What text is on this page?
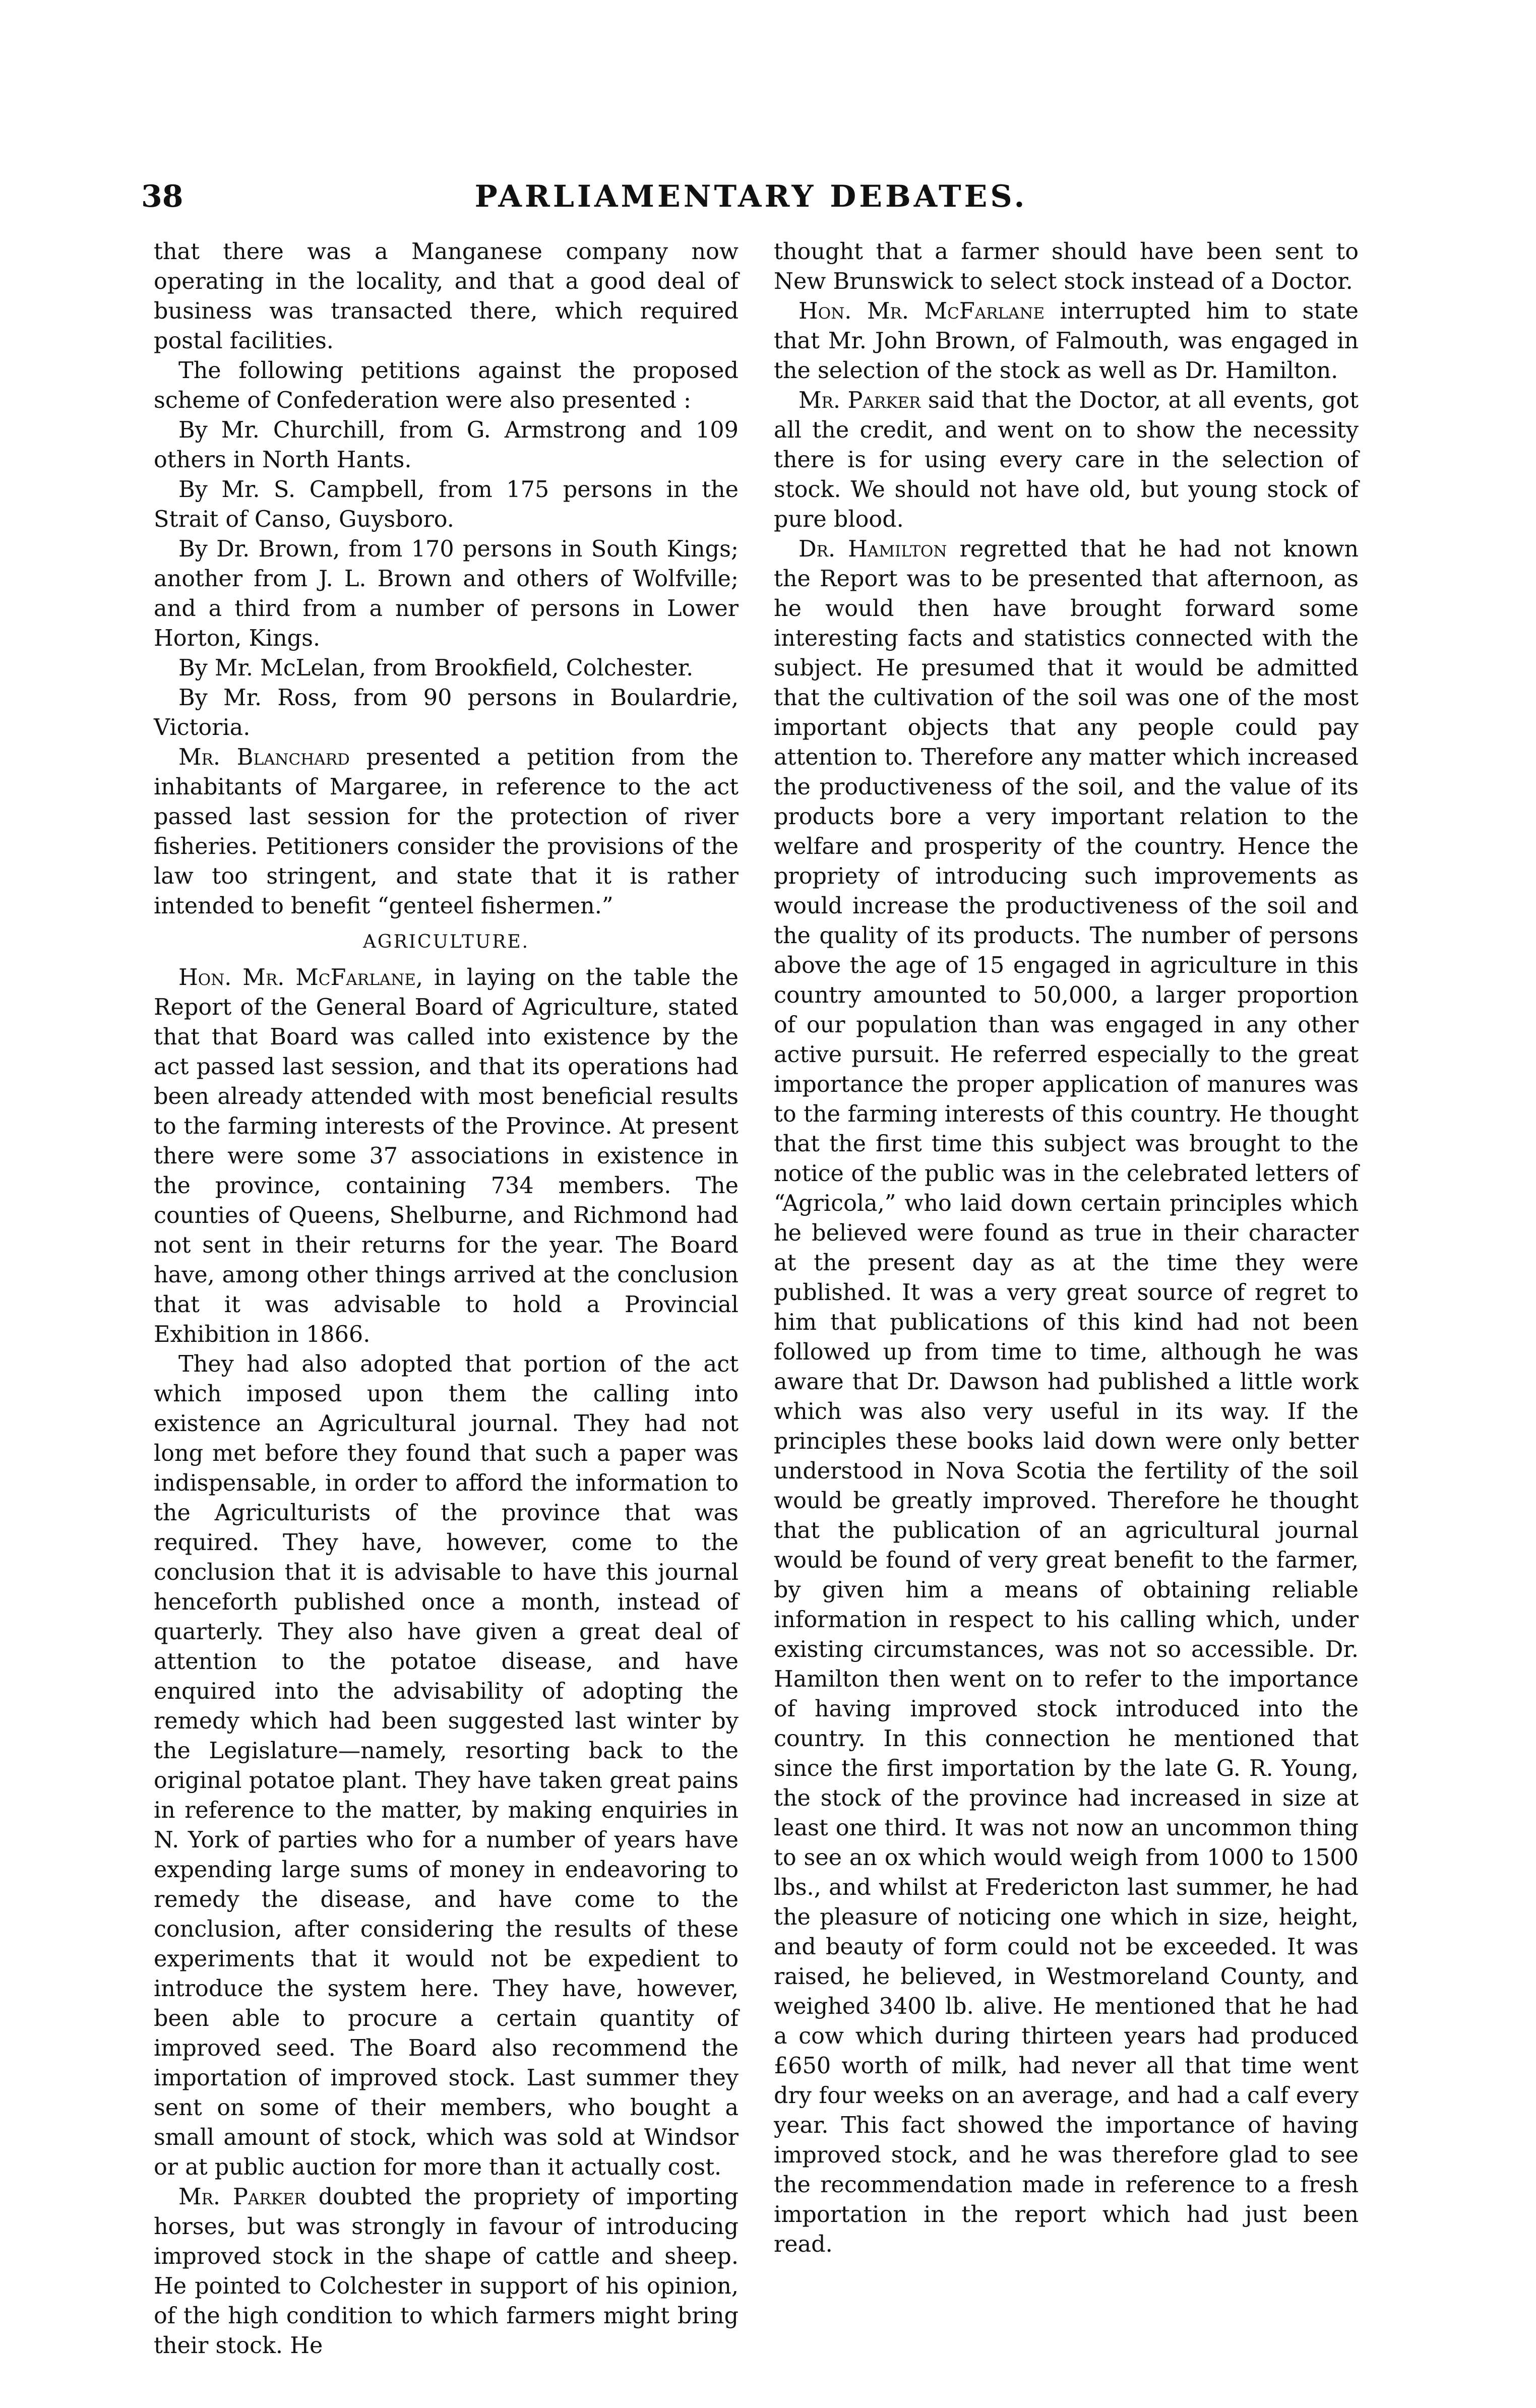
38	PARLIAMENTARY DEBATES.

that there was a Manganese company now operating in the locality, and that a good deal of business was transacted there, which required postal facilities.

The following petitions against the proposed scheme of Confederation were also presented :

By Mr. Churchill, from G. Armstrong and 109 others in North Hants.

By Mr. S. Campbell, from 175 persons in the Strait of Canso, Guysboro.

By Dr. Brown, from 170 persons in South Kings; another from J. L. Brown and others of Wolfville; and a third from a number of persons in Lower Horton, Kings.

By Mr. McLelan, from Brookfield, Colchester.

By Mr. Ross, from 90 persons in Boulardrie, Victoria.

Mr. Blanchard presented a petition from the inhabitants of Margaree, in reference to the act passed last session for the protection of river fisheries. Petitioners consider the provisions of the law too stringent, and state that it is rather intended to benefit “genteel fishermen.”

AGRICULTURE.

Hon. Mr. McFarlane, in laying on the table the Report of the General Board of Agriculture, stated that that Board was called into existence by the act passed last session, and that its operations had been already attended with most beneficial results to the farming interests of the Province. At present there were some 37 associations in existence in the province, containing 734 members. The counties of Queens, Shelburne, and Richmond had not sent in their returns for the year. The Board have, among other things arrived at the conclusion that it was advisable to hold a Provincial Exhibition in 1866.

They had also adopted that portion of the act which imposed upon them the calling into existence an Agricultural journal. They had not long met before they found that such a paper was indispensable, in order to afford the information to the Agriculturists of the province that was required. They have, however, come to the conclusion that it is advisable to have this journal henceforth published once a month, instead of quarterly. They also have given a great deal of attention to the potatoe disease, and have enquired into the advisability of adopting the remedy which had been suggested last winter by the Legislature—namely, resorting back to the original potatoe plant. They have taken great pains in reference to the matter, by making enquiries in N. York of parties who for a number of years have expending large sums of money in endeavoring to remedy the disease, and have come to the conclusion, after considering the results of these experiments that it would not be expedient to introduce the system here. They have, however, been able to procure a certain quantity of improved seed. The Board also recommend the importation of improved stock. Last summer they sent on some of their members, who bought a small amount of stock, which was sold at Windsor or at public auction for more than it actually cost.

Mr. Parker doubted the propriety of importing horses, but was strongly in favour of introducing improved stock in the shape of cattle and sheep. He pointed to Colchester in support of his opinion, of the high condition to which farmers might bring their stock. He

thought that a farmer should have been sent to New Brunswick to select stock instead of a Doctor.

Hon. Mr. McFarlane interrupted him to state that Mr. John Brown, of Falmouth, was engaged in the selection of the stock as well as Dr. Hamilton.

Mr. Parker said that the Doctor, at all events, got all the credit, and went on to show the necessity there is for using every care in the selection of stock. We should not have old, but young stock of pure blood.

Dr. Hamilton regretted that he had not known the Report was to be presented that afternoon, as he would then have brought forward some interesting facts and statistics connected with the subject. He presumed that it would be admitted that the cultivation of the soil was one of the most important objects that any people could pay attention to. Therefore any matter which increased the productiveness of the soil, and the value of its products bore a very important relation to the welfare and prosperity of the country. Hence the propriety of introducing such improvements as would increase the productiveness of the soil and the quality of its products. The number of persons above the age of 15 engaged in agriculture in this country amounted to 50,000, a larger proportion of our population than was engaged in any other active pursuit. He referred especially to the great importance the proper application of manures was to the farming interests of this country. He thought that the first time this subject was brought to the notice of the public was in the celebrated letters of “Agricola,” who laid down certain principles which he believed were found as true in their character at the present day as at the time they were published. It was a very great source of regret to him that publications of this kind had not been followed up from time to time, although he was aware that Dr. Dawson had published a little work which was also very useful in its way. If the principles these books laid down were only better understood in Nova Scotia the fertility of the soil would be greatly improved. Therefore he thought that the publication of an agricultural journal would be found of very great benefit to the farmer, by given him a means of obtaining reliable information in respect to his calling which, under existing circumstances, was not so accessible. Dr. Hamilton then went on to refer to the importance of having improved stock introduced into the country. In this connection he mentioned that since the first importation by the late G. R. Young, the stock of the province had increased in size at least one third. It was not now an uncommon thing to see an ox which would weigh from 1000 to 1500 lbs., and whilst at Fredericton last summer, he had the pleasure of noticing one which in size, height, and beauty of form could not be exceeded. It was raised, he believed, in Westmoreland County, and weighed 3400 lb. alive. He mentioned that he had a cow which during thirteen years had produced £650 worth of milk, had never all that time went dry four weeks on an average, and had a calf every year. This fact showed the importance of having improved stock, and he was therefore glad to see the recommendation made in reference to a fresh importation in the report which had just been read.
